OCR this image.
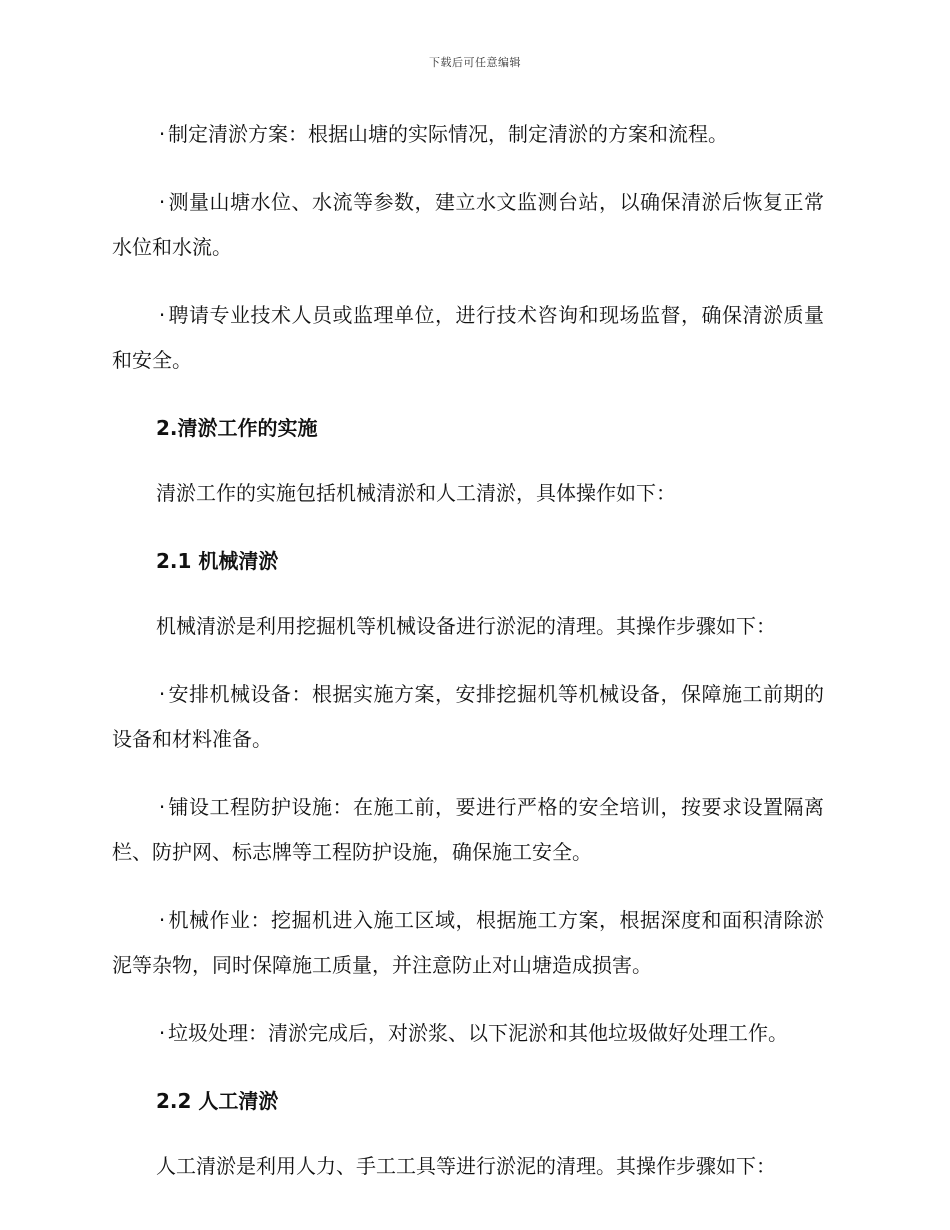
下载后可任意编辑

· 制定清淤方案：根据山塘的实际情况，制定清淤的方案和流程。

· 测量山塘水位、水流等参数，建立水文监测台站，以确保清淤后恢复正常水位和水流。

· 聘请专业技术人员或监理单位，进行技术咨询和现场监督，确保清淤质量和安全。

2.清淤工作的实施

清淤工作的实施包括机械清淤和人工清淤，具体操作如下：

2.1 机械清淤

机械清淤是利用挖掘机等机械设备进行淤泥的清理。其操作步骤如下：

· 安排机械设备：根据实施方案，安排挖掘机等机械设备，保障施工前期的设备和材料准备。

· 铺设工程防护设施：在施工前，要进行严格的安全培训，按要求设置隔离栏、防护网、标志牌等工程防护设施，确保施工安全。

· 机械作业：挖掘机进入施工区域，根据施工方案，根据深度和面积清除淤泥等杂物，同时保障施工质量，并注意防止对山塘造成损害。

· 垃圾处理：清淤完成后，对淤浆、以下泥淤和其他垃圾做好处理工作。

2.2 人工清淤

人工清淤是利用人力、手工工具等进行淤泥的清理。其操作步骤如下：
